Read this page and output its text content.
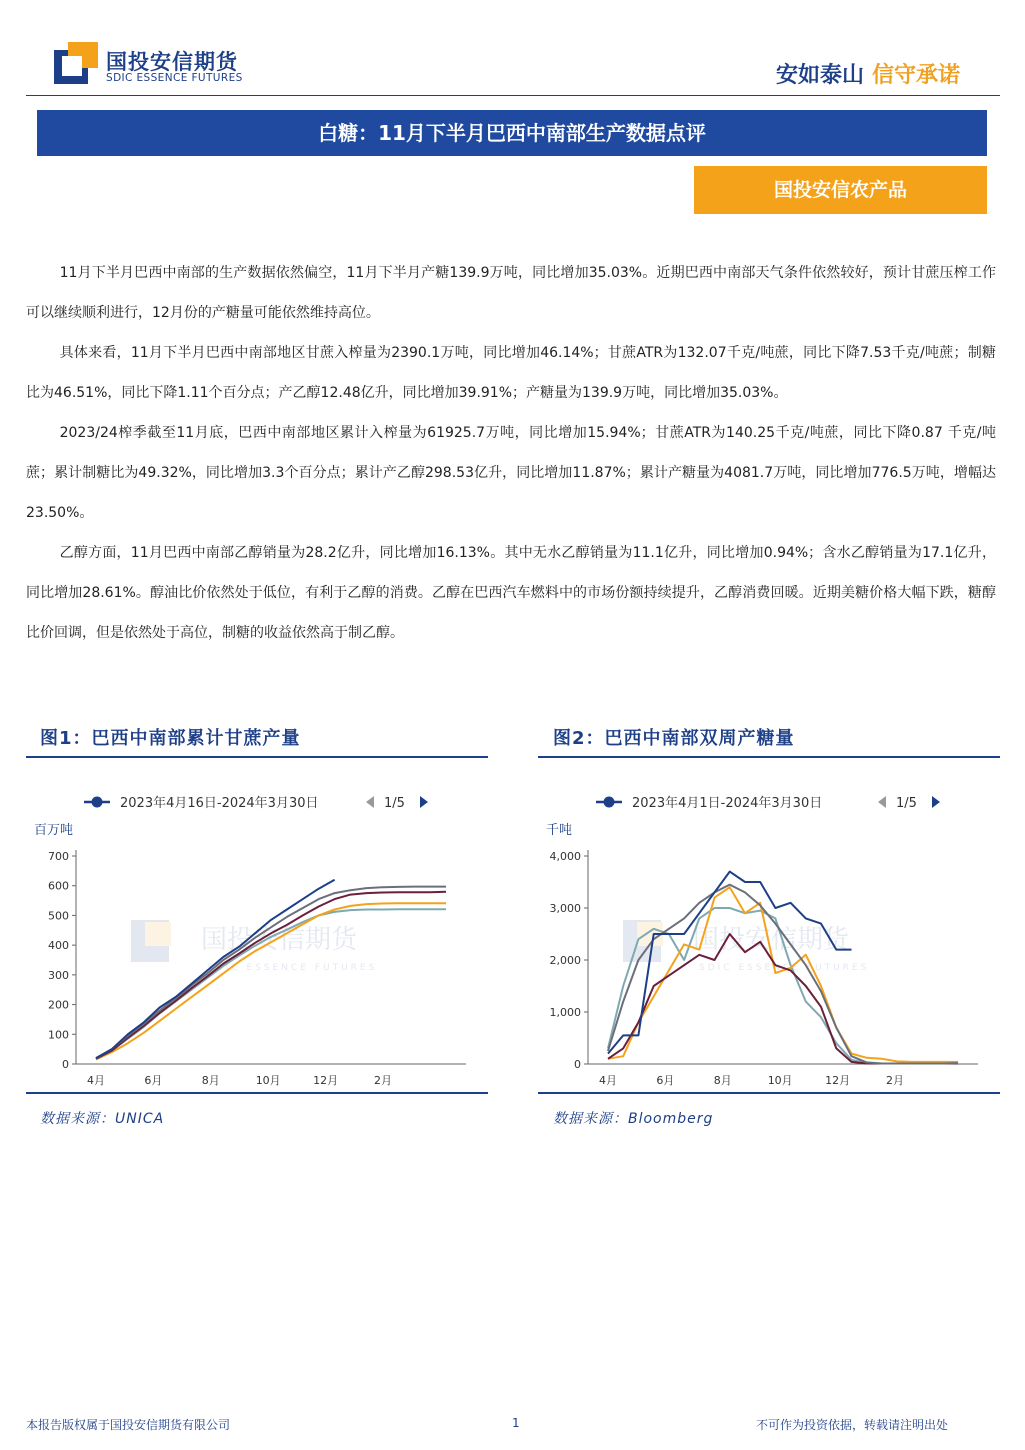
国投安信期货
SDIC ESSENCE FUTURES	安如泰山 信守承诺
白糖：11月下半月巴西中南部生产数据点评
国投安信农产品

11月下半月巴西中南部的生产数据依然偏空，11月下半月产糖139.9万吨，同比增加35.03%。近期巴西中南部天气条件依然较好，预计甘蔗压榨工作可以继续顺利进行，12月份的产糖量可能依然维持高位。

具体来看，11月下半月巴西中南部地区甘蔗入榨量为2390.1万吨，同比增加46.14%；甘蔗ATR为132.07千克/吨蔗，同比下降7.53千克/吨蔗；制糖比为46.51%，同比下降1.11个百分点；产乙醇12.48亿升，同比增加39.91%；产糖量为139.9万吨，同比增加35.03%。

2023/24榨季截至11月底，巴西中南部地区累计入榨量为61925.7万吨，同比增加15.94%；甘蔗ATR为140.25千克/吨蔗，同比下降0.87 千克/吨蔗；累计制糖比为49.32%，同比增加3.3个百分点；累计产乙醇298.53亿升，同比增加11.87%；累计产糖量为4081.7万吨，同比增加776.5万吨，增幅达23.50%。

乙醇方面，11月巴西中南部乙醇销量为28.2亿升，同比增加16.13%。其中无水乙醇销量为11.1亿升，同比增加0.94%；含水乙醇销量为17.1亿升，同比增加28.61%。醇油比价依然处于低位，有利于乙醇的消费。乙醇在巴西汽车燃料中的市场份额持续提升，乙醇消费回暖。近期美糖价格大幅下跌，糖醇比价回调，但是依然处于高位，制糖的收益依然高于制乙醇。

图1：巴西中南部累计甘蔗产量
2023年4月16日-2024年3月30日	1/5
百万吨
国投安信期货
SDIC ESSENCE FUTURES
0
100
200
300
400
500
600
700
4月	6月	8月	10月	12月	2月
数据来源：UNICA
图2：巴西中南部双周产糖量
2023年4月1日-2024年3月30日	1/5
千吨
国投安信期货
SDIC ESSENCE FUTURES
0
1,000
2,000
3,000
4,000
4月	6月	8月	10月	12月	2月
数据来源：Bloomberg
本报告版权属于国投安信期货有限公司	1	不可作为投资依据，转载请注明出处
